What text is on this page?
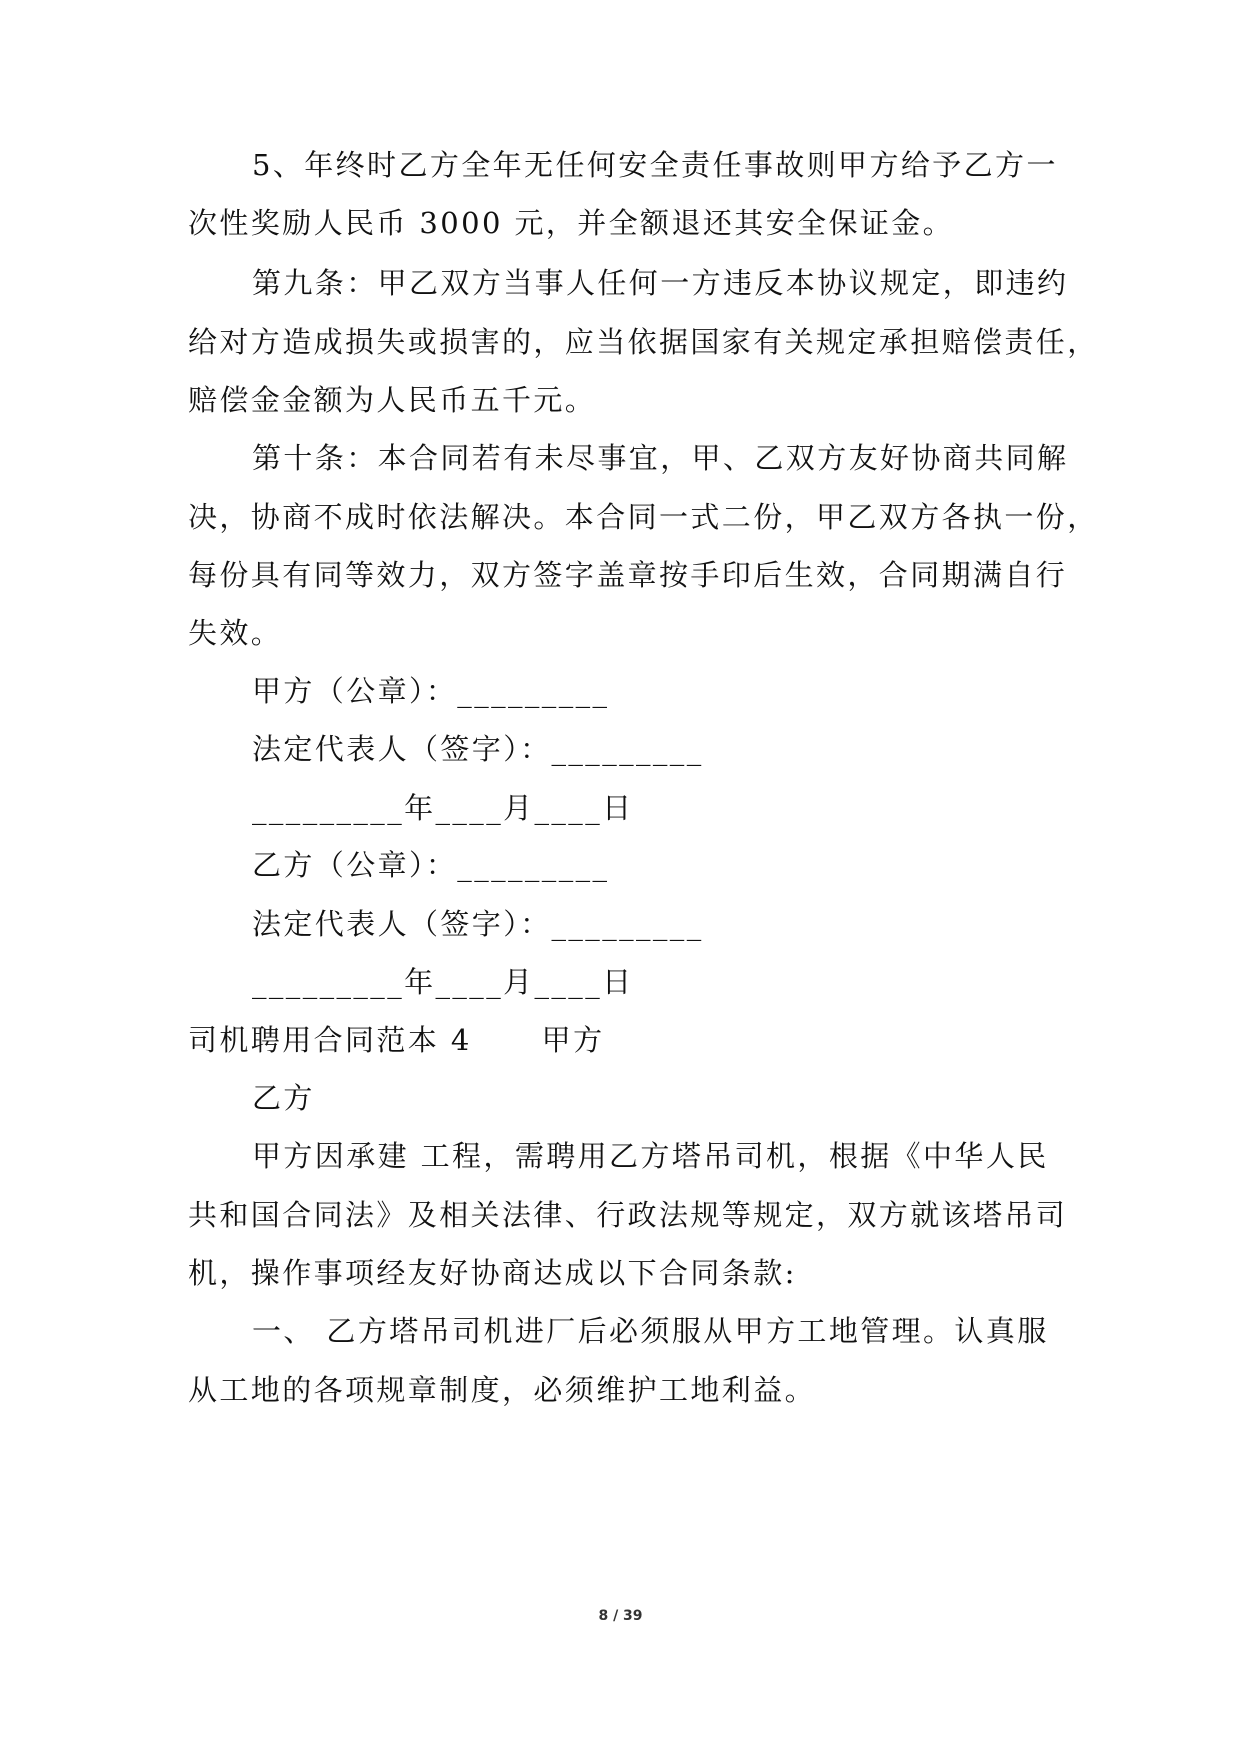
5、年终时乙方全年无任何安全责任事故则甲方给予乙方一
次性奖励人民币 3000 元，并全额退还其安全保证金。
第九条：甲乙双方当事人任何一方违反本协议规定，即违约
给对方造成损失或损害的，应当依据国家有关规定承担赔偿责任，
赔偿金金额为人民币五千元。
第十条：本合同若有未尽事宜，甲、乙双方友好协商共同解
决，协商不成时依法解决。本合同一式二份，甲乙双方各执一份，
每份具有同等效力，双方签字盖章按手印后生效，合同期满自行
失效。
甲方（公章）：_________
法定代表人（签字）：_________
_________年____月____日
乙方（公章）：_________
法定代表人（签字）：_________
_________年____月____日
司机聘用合同范本 4 甲方
乙方
甲方因承建 工程，需聘用乙方塔吊司机，根据《中华人民
共和国合同法》及相关法律、行政法规等规定，双方就该塔吊司
机，操作事项经友好协商达成以下合同条款:
一、 乙方塔吊司机进厂后必须服从甲方工地管理。认真服
从工地的各项规章制度，必须维护工地利益。
8 / 39
